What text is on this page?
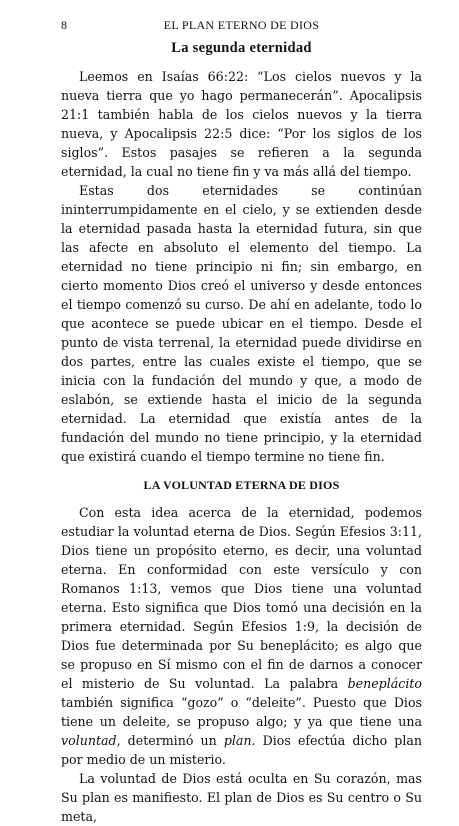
8	EL PLAN ETERNO DE DIOS
La segunda eternidad

Leemos en Isaías 66:22: “Los cielos nuevos y la nueva tierra que yo hago permanecerán”. Apocalipsis 21:1 también habla de los cielos nuevos y la tierra nueva, y Apocalipsis 22:5 dice: “Por los siglos de los siglos”. Estos pasajes se refieren a la segunda eternidad, la cual no tiene fin y va más allá del tiempo.

Estas dos eternidades se continúan ininterrumpidamente en el cielo, y se extienden desde la eternidad pasada hasta la eternidad futura, sin que las afecte en absoluto el elemento del tiempo. La eternidad no tiene principio ni fin; sin embargo, en cierto momento Dios creó el universo y desde entonces el tiempo comenzó su curso. De ahí en adelante, todo lo que acontece se puede ubicar en el tiempo. Desde el punto de vista terrenal, la eternidad puede dividirse en dos partes, entre las cuales existe el tiempo, que se inicia con la fundación del mundo y que, a modo de eslabón, se extiende hasta el inicio de la segunda eternidad. La eternidad que existía antes de la fundación del mundo no tiene principio, y la eternidad que existirá cuando el tiempo termine no tiene fin.

LA VOLUNTAD ETERNA DE DIOS

Con esta idea acerca de la eternidad, podemos estudiar la voluntad eterna de Dios. Según Efesios 3:11, Dios tiene un propósito eterno, es decir, una voluntad eterna. En conformidad con este versículo y con Romanos 1:13, vemos que Dios tiene una voluntad eterna. Esto significa que Dios tomó una decisión en la primera eternidad. Según Efesios 1:9, la decisión de Dios fue determinada por Su beneplácito; es algo que se propuso en Sí mismo con el fin de darnos a conocer el misterio de Su voluntad. La palabra beneplácito también significa “gozo” o “deleite”. Puesto que Dios tiene un deleite, se propuso algo; y ya que tiene una voluntad, determinó un plan. Dios efectúa dicho plan por medio de un misterio.

La voluntad de Dios está oculta en Su corazón, mas Su plan es manifiesto. El plan de Dios es Su centro o Su meta,
